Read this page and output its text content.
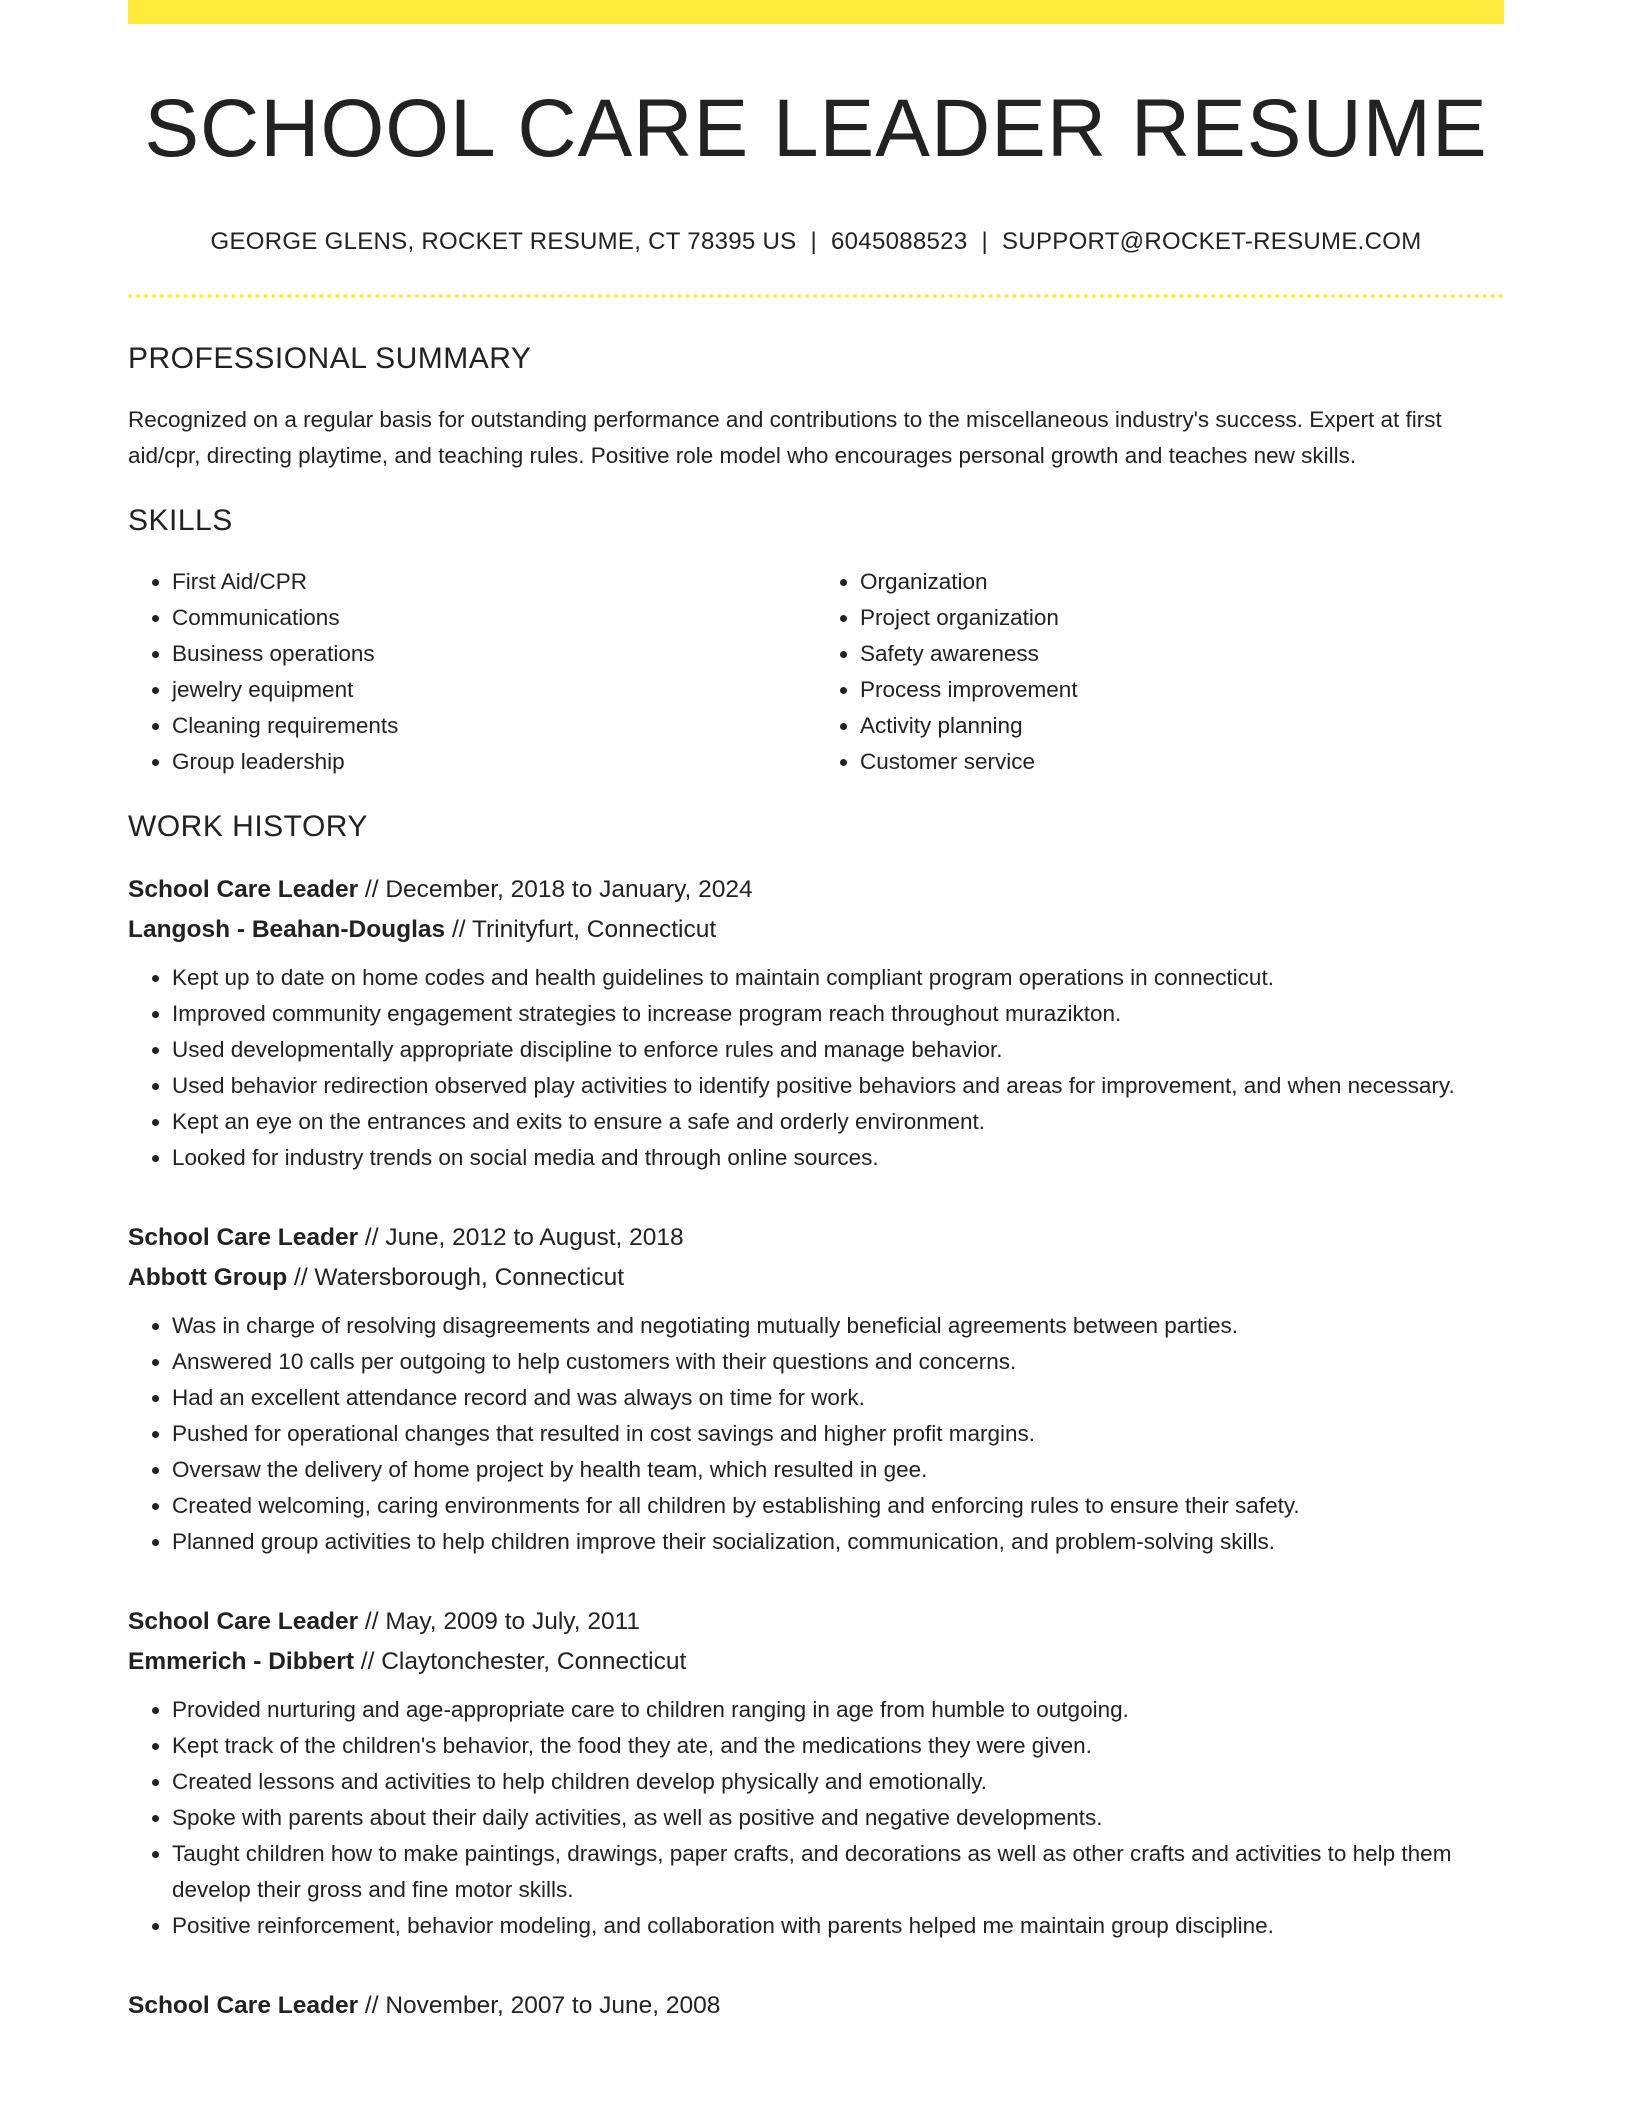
SCHOOL CARE LEADER RESUME
GEORGE GLENS, ROCKET RESUME, CT 78395 US | 6045088523 | SUPPORT@ROCKET-RESUME.COM
PROFESSIONAL SUMMARY

Recognized on a regular basis for outstanding performance and contributions to the miscellaneous industry's success. Expert at first aid/cpr, directing playtime, and teaching rules. Positive role model who encourages personal growth and teaches new skills.

SKILLS
• First Aid/CPR
• Communications
• Business operations
• jewelry equipment
• Cleaning requirements
• Group leadership
• Organization
• Project organization
• Safety awareness
• Process improvement
• Activity planning
• Customer service
WORK HISTORY
School Care Leader // December, 2018 to January, 2024
Langosh - Beahan-Douglas // Trinityfurt, Connecticut
• Kept up to date on home codes and health guidelines to maintain compliant program operations in connecticut.
• Improved community engagement strategies to increase program reach throughout murazikton.
• Used developmentally appropriate discipline to enforce rules and manage behavior.
• Used behavior redirection observed play activities to identify positive behaviors and areas for improvement, and when necessary.
• Kept an eye on the entrances and exits to ensure a safe and orderly environment.
• Looked for industry trends on social media and through online sources.
School Care Leader // June, 2012 to August, 2018
Abbott Group // Watersborough, Connecticut
• Was in charge of resolving disagreements and negotiating mutually beneficial agreements between parties.
• Answered 10 calls per outgoing to help customers with their questions and concerns.
• Had an excellent attendance record and was always on time for work.
• Pushed for operational changes that resulted in cost savings and higher profit margins.
• Oversaw the delivery of home project by health team, which resulted in gee.
• Created welcoming, caring environments for all children by establishing and enforcing rules to ensure their safety.
• Planned group activities to help children improve their socialization, communication, and problem-solving skills.
School Care Leader // May, 2009 to July, 2011
Emmerich - Dibbert // Claytonchester, Connecticut
• Provided nurturing and age-appropriate care to children ranging in age from humble to outgoing.
• Kept track of the children's behavior, the food they ate, and the medications they were given.
• Created lessons and activities to help children develop physically and emotionally.
• Spoke with parents about their daily activities, as well as positive and negative developments.
• Taught children how to make paintings, drawings, paper crafts, and decorations as well as other crafts and activities to help them develop their gross and fine motor skills.
• Positive reinforcement, behavior modeling, and collaboration with parents helped me maintain group discipline.
School Care Leader // November, 2007 to June, 2008
